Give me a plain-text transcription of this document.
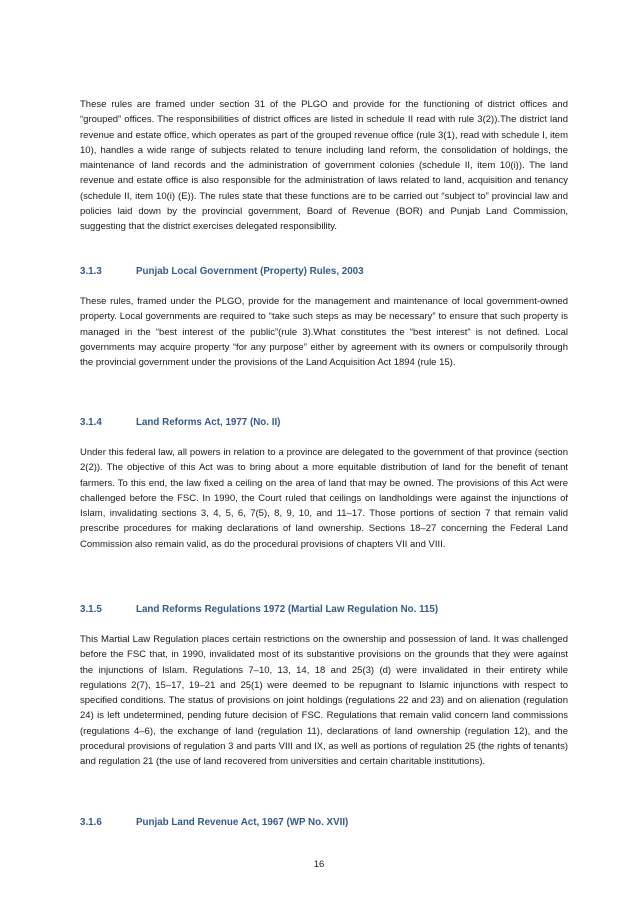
These rules are framed under section 31 of the PLGO and provide for the functioning of district offices and “grouped” offices. The responsibilities of district offices are listed in schedule II read with rule 3(2)).The district land revenue and estate office, which operates as part of the grouped revenue office (rule 3(1), read with schedule I, item 10), handles a wide range of subjects related to tenure including land reform, the consolidation of holdings, the maintenance of land records and the administration of government colonies (schedule II, item 10(i)). The land revenue and estate office is also responsible for the administration of laws related to land, acquisition and tenancy (schedule II, item 10(i) (E)). The rules state that these functions are to be carried out “subject to” provincial law and policies laid down by the provincial government, Board of Revenue (BOR) and Punjab Land Commission, suggesting that the district exercises delegated responsibility.

3.1.3	Punjab Local Government (Property) Rules, 2003

These rules, framed under the PLGO, provide for the management and maintenance of local government-owned property. Local governments are required to “take such steps as may be necessary” to ensure that such property is managed in the “best interest of the public”(rule 3).What constitutes the “best interest” is not defined. Local governments may acquire property “for any purpose” either by agreement with its owners or compulsorily through the provincial government under the provisions of the Land Acquisition Act 1894 (rule 15).

3.1.4	Land Reforms Act, 1977 (No. II)

Under this federal law, all powers in relation to a province are delegated to the government of that province (section 2(2)). The objective of this Act was to bring about a more equitable distribution of land for the benefit of tenant farmers. To this end, the law fixed a ceiling on the area of land that may be owned. The provisions of this Act were challenged before the FSC. In 1990, the Court ruled that ceilings on landholdings were against the injunctions of Islam, invalidating sections 3, 4, 5, 6, 7(5), 8, 9, 10, and 11–17. Those portions of section 7 that remain valid prescribe procedures for making declarations of land ownership. Sections 18–27 concerning the Federal Land Commission also remain valid, as do the procedural provisions of chapters VII and VIII.

3.1.5	Land Reforms Regulations 1972 (Martial Law Regulation No. 115)

This Martial Law Regulation places certain restrictions on the ownership and possession of land. It was challenged before the FSC that, in 1990, invalidated most of its substantive provisions on the grounds that they were against the injunctions of Islam. Regulations 7–10, 13, 14, 18 and 25(3) (d) were invalidated in their entirety while regulations 2(7), 15–17, 19–21 and 25(1) were deemed to be repugnant to Islamic injunctions with respect to specified conditions. The status of provisions on joint holdings (regulations 22 and 23) and on alienation (regulation 24) is left undetermined, pending future decision of FSC. Regulations that remain valid concern land commissions (regulations 4–6), the exchange of land (regulation 11), declarations of land ownership (regulation 12), and the procedural provisions of regulation 3 and parts VIII and IX, as well as portions of regulation 25 (the rights of tenants) and regulation 21 (the use of land recovered from universities and certain charitable institutions).

3.1.6	Punjab Land Revenue Act, 1967 (WP No. XVII)
16
